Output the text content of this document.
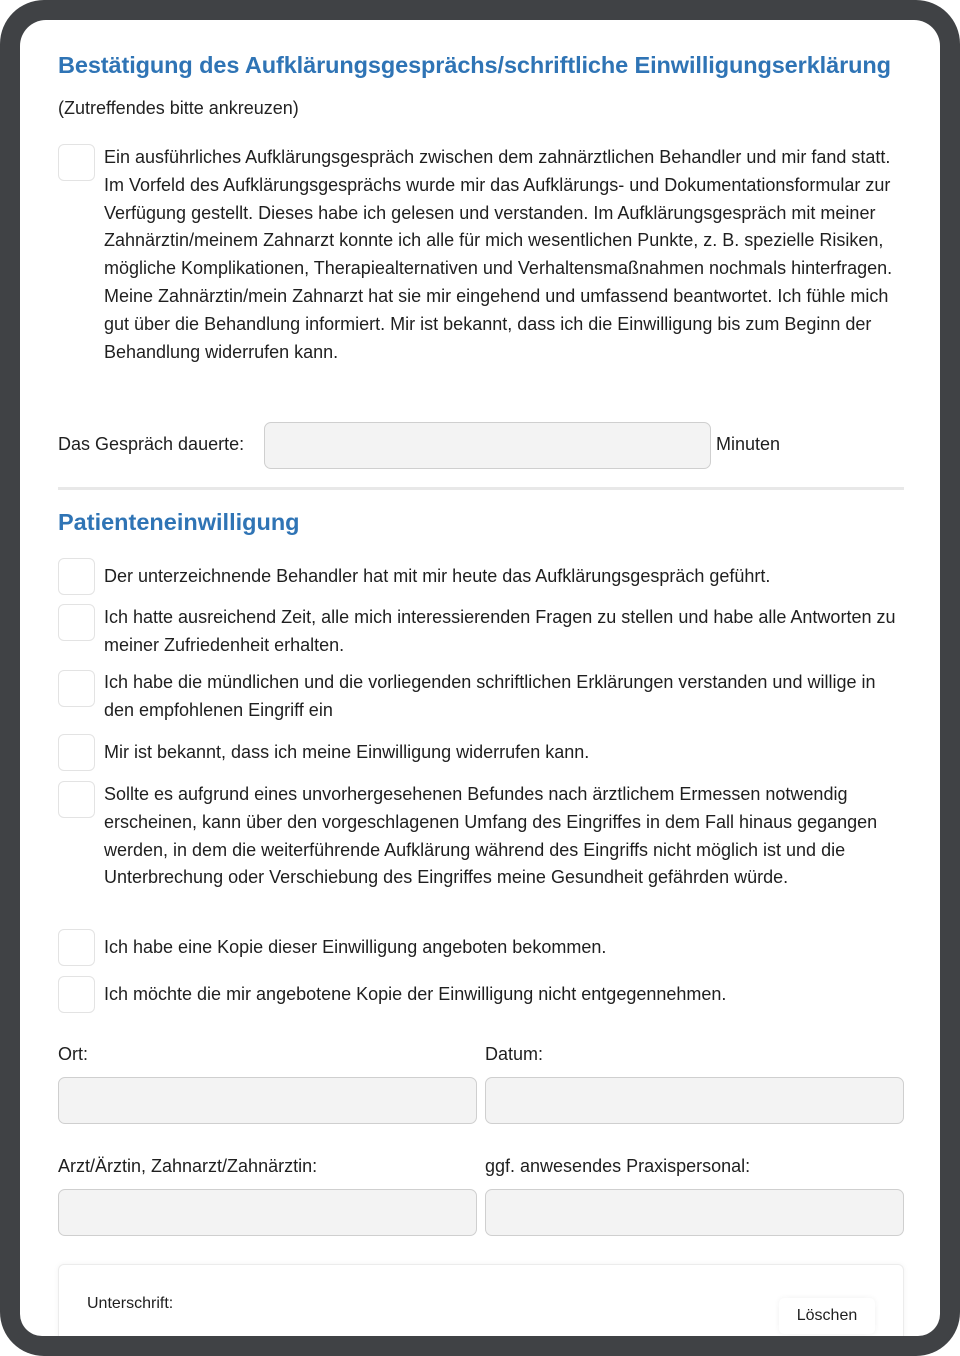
Bestätigung des Aufklärungsgesprächs/schriftliche Einwilligungserklärung
(Zutreffendes bitte ankreuzen)
Ein ausführliches Aufklärungsgespräch zwischen dem zahnärztlichen Behandler und mir fand statt. Im Vorfeld des Aufklärungsgesprächs wurde mir das Aufklärungs- und Dokumentationsformular zur Verfügung gestellt. Dieses habe ich gelesen und verstanden. Im Aufklärungsgespräch mit meiner Zahnärztin/meinem Zahnarzt konnte ich alle für mich wesentlichen Punkte, z. B. spezielle Risiken, mögliche Komplikationen, Therapiealternativen und Verhaltensmaßnahmen nochmals hinterfragen. Meine Zahnärztin/mein Zahnarzt hat sie mir eingehend und umfassend beantwortet. Ich fühle mich gut über die Behandlung informiert. Mir ist bekannt, dass ich die Einwilligung bis zum Beginn der Behandlung widerrufen kann.
Das Gespräch dauerte:	Minuten
Patienteneinwilligung
Der unterzeichnende Behandler hat mit mir heute das Aufklärungsgespräch geführt.
Ich hatte ausreichend Zeit, alle mich interessierenden Fragen zu stellen und habe alle Antworten zu meiner Zufriedenheit erhalten.
Ich habe die mündlichen und die vorliegenden schriftlichen Erklärungen verstanden und willige in den empfohlenen Eingriff ein
Mir ist bekannt, dass ich meine Einwilligung widerrufen kann.
Sollte es aufgrund eines unvorhergesehenen Befundes nach ärztlichem Ermessen notwendig erscheinen, kann über den vorgeschlagenen Umfang des Eingriffes in dem Fall hinaus gegangen werden, in dem die weiterführende Aufklärung während des Eingriffs nicht möglich ist und die Unterbrechung oder Verschiebung des Eingriffes meine Gesundheit gefährden würde.
Ich habe eine Kopie dieser Einwilligung angeboten bekommen.
Ich möchte die mir angebotene Kopie der Einwilligung nicht entgegennehmen.
Ort:	Datum:
Arzt/Ärztin, Zahnarzt/Zahnärztin:	ggf. anwesendes Praxispersonal:
Unterschrift:
Löschen
